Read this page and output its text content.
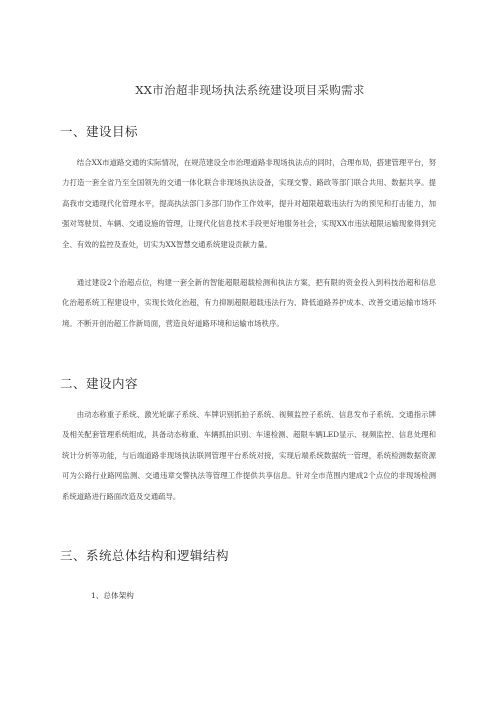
XX市治超非现场执法系统建设项目采购需求
一、建设目标

结合XX市道路交通的实际情况，在规范建设全市治理道路非现场执法点的同时，合理布局，搭建管理平台，努力打造一套全省乃至全国领先的交通一体化联合非现场执法设备，实现交警、路政等部门联合共用、数据共享。提高我市交通现代化管理水平，提高执法部门多部门协作工作效率，提升对超限超载违法行为的预见和打击能力，加强对驾驶员、车辆、交通设施的管理，让现代化信息技术手段更好地服务社会，实现XX市违法超限运输现象得到完全、有效的监控及查处，切实为XX智慧交通系统建设贡献力量。

通过建设2个治超点位，构建一套全新的智能超限超载检测和执法方案，把有限的资金投入到科技治超和信息化治超系统工程建设中，实现长效化治超，有力抑制超限超载违法行为、降低道路养护成本、改善交通运输市场环境。不断开创治超工作新局面，营造良好道路环境和运输市场秩序。

二、建设内容

由动态称重子系统、激光轮廓子系统、车牌识别抓拍子系统、视频监控子系统、信息发布子系统、交通指示牌及相关配套管理系统组成，具备动态称重、车辆抓拍识别、车速检测、超限车辆LED显示、视频监控、信息处理和统计分析等功能，与后端道路非现场执法联网管理平台系统对接，实现后端系统数据统一管理，系统检测数据资源可为公路行业路网监测、交通违章交警执法等管理工作提供共享信息。针对全市范围内建成2个点位的非现场检测系统道路进行路面改造及交通疏导。

三、系统总体结构和逻辑结构
1、总体架构
